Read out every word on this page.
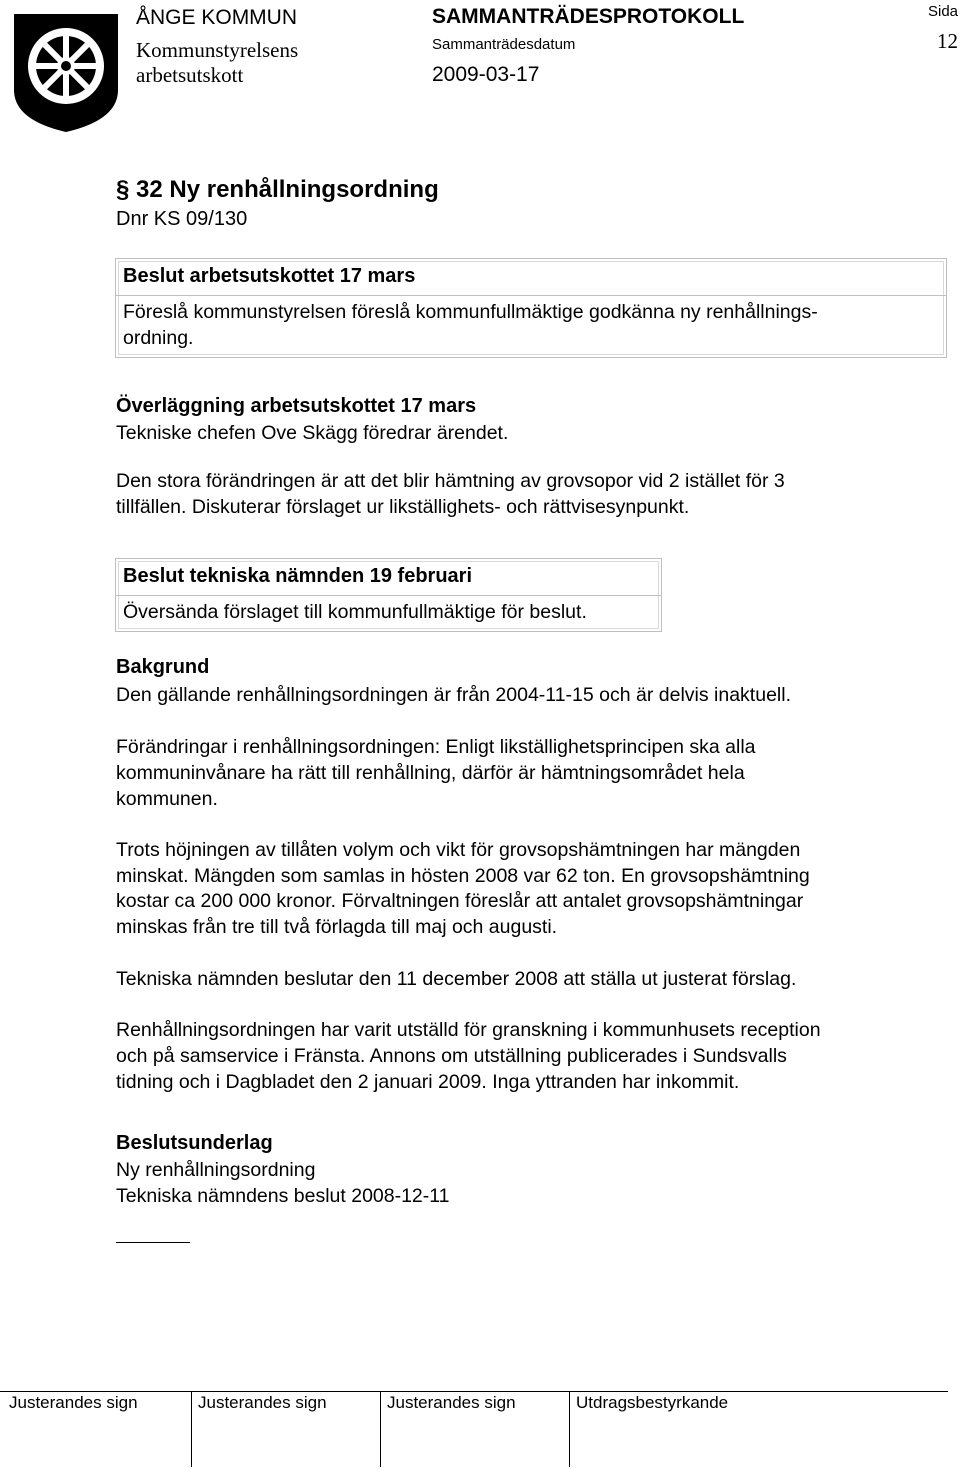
ÅNGE KOMMUN
Kommunstyrelsens
arbetsutskott
SAMMANTRÄDESPROTOKOLL
Sammanträdesdatum
2009-03-17
Sida
12
§ 32 Ny renhållningsordning
Dnr KS 09/130
Beslut arbetsutskottet 17 mars
Föreslå kommunstyrelsen föreslå kommunfullmäktige godkänna ny renhållnings-
ordning.
Överläggning arbetsutskottet 17 mars
Tekniske chefen Ove Skägg föredrar ärendet.
Den stora förändringen är att det blir hämtning av grovsopor vid 2 istället för 3
tillfällen. Diskuterar förslaget ur likställighets- och rättvisesynpunkt.
Beslut tekniska nämnden 19 februari
Översända förslaget till kommunfullmäktige för beslut.
Bakgrund
Den gällande renhållningsordningen är från 2004-11-15 och är delvis inaktuell.
Förändringar i renhållningsordningen: Enligt likställighetsprincipen ska alla
kommuninvånare ha rätt till renhållning, därför är hämtningsområdet hela
kommunen.
Trots höjningen av tillåten volym och vikt för grovsopshämtningen har mängden
minskat. Mängden som samlas in hösten 2008 var 62 ton. En grovsopshämtning
kostar ca 200 000 kronor. Förvaltningen föreslår att antalet grovsopshämtningar
minskas från tre till två förlagda till maj och augusti.
Tekniska nämnden beslutar den 11 december 2008 att ställa ut justerat förslag.
Renhållningsordningen har varit utställd för granskning i kommunhusets reception
och på samservice i Fränsta. Annons om utställning publicerades i Sundsvalls
tidning och i Dagbladet den 2 januari 2009. Inga yttranden har inkommit.
Beslutsunderlag
Ny renhållningsordning
Tekniska nämndens beslut 2008-12-11
Justerandes sign	Justerandes sign	Justerandes sign	Utdragsbestyrkande
